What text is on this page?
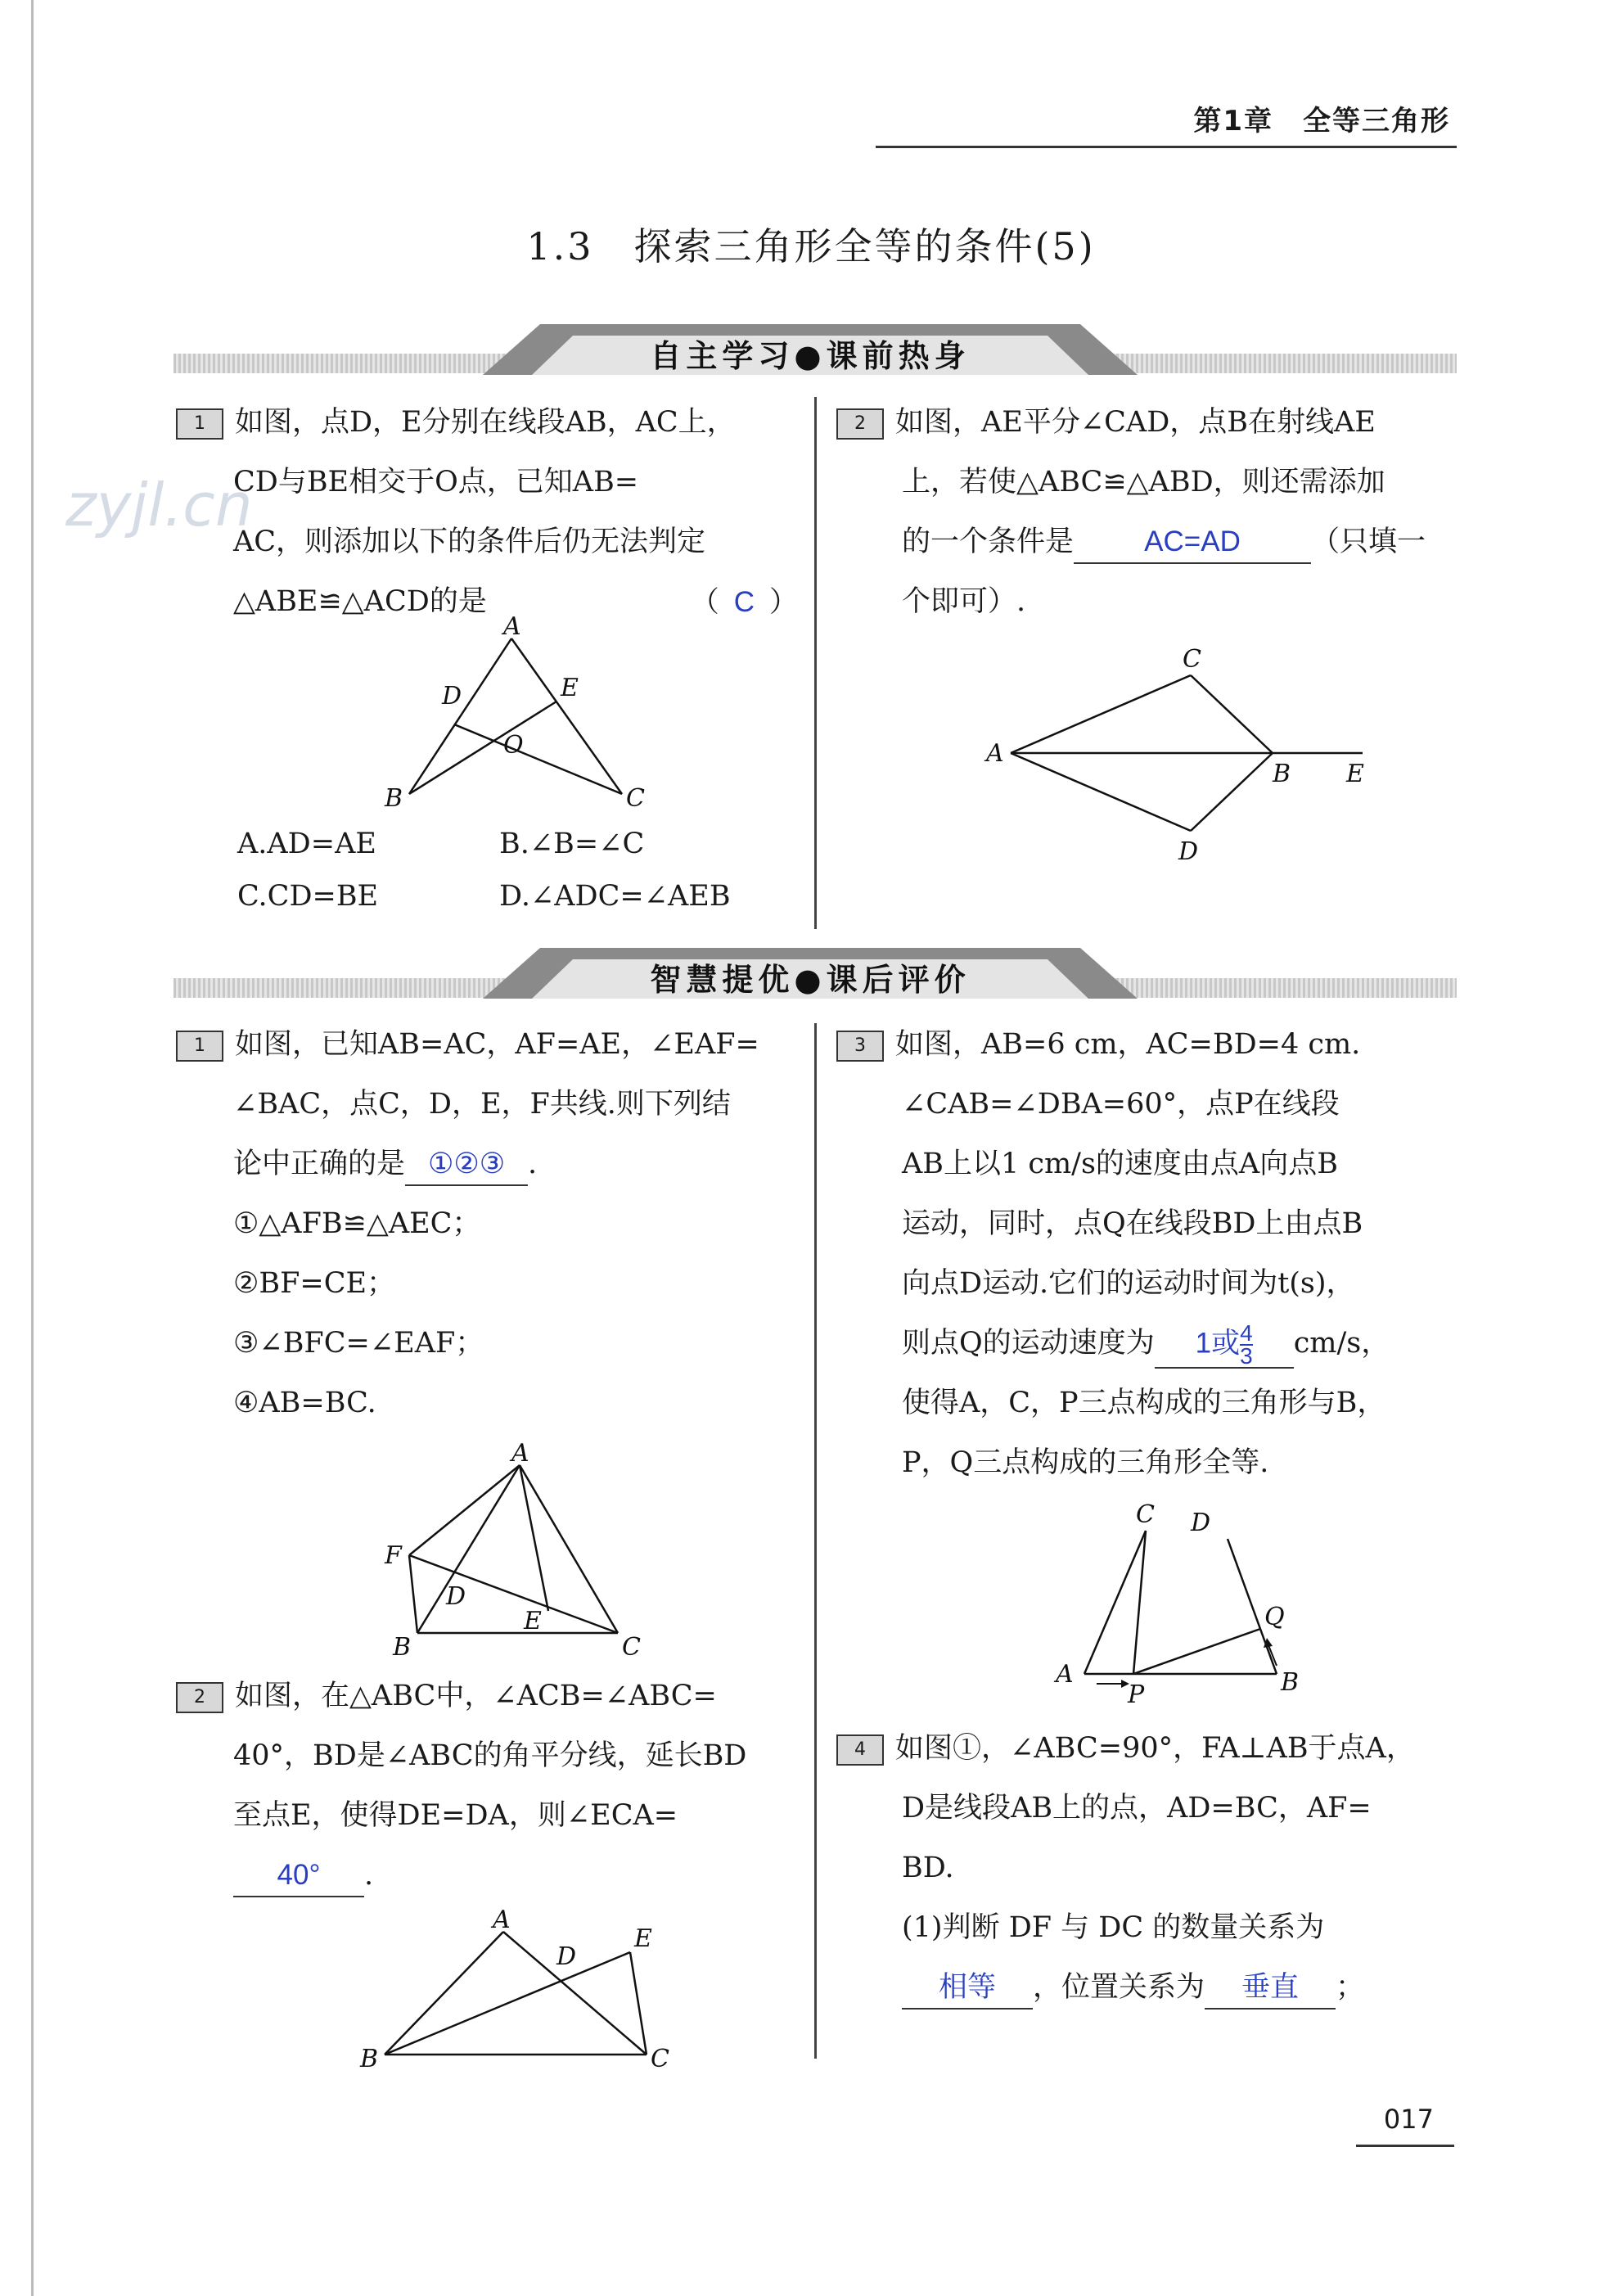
zyjl.cn
第1章　全等三角形
1.3　探索三角形全等的条件(5)
自主学习●课前热身
1 如图，点D，E分别在线段AB，AC上，
CD与BE相交于O点，已知AB=
AC，则添加以下的条件后仍无法判定
△ABE≌△ACD的是	（ C ）
A
D	E
O
B	C
A.AD=AE	B.∠B=∠C
C.CD=BE	D.∠ADC=∠AEB
2 如图，AE平分∠CAD，点B在射线AE
上，若使△ABC≌△ABD，则还需添加
的一个条件是 AC=AD （只填一
个即可）.
C
A
B E
D
智慧提优●课后评价
1 如图，已知AB=AC，AF=AE，∠EAF=
∠BAC，点C，D，E，F共线.则下列结
论中正确的是 ①②③ .
①△AFB≌△AEC；
②BF=CE；
③∠BFC=∠EAF；
④AB=BC.
A
F
D
E
B	C
2 如图，在△ABC中，∠ACB=∠ABC=
40°，BD是∠ABC的角平分线，延长BD
至点E，使得DE=DA，则∠ECA=
40° .
A
D
E
B	C
3 如图，AB=6 cm，AC=BD=4 cm.
∠CAB=∠DBA=60°，点P在线段
AB上以1 cm/s的速度由点A向点B
运动，同时，点Q在线段BD上由点B
向点D运动.它们的运动时间为t(s)，
则点Q的运动速度为 1或 $\frac{4}{3} cm/s$，
使得A，C，P三点构成的三角形与B，
P，Q三点构成的三角形全等.
C D
Q
A
P	B
4 如图①，∠ABC=90°，FA⊥AB于点A，
D是线段AB上的点，AD=BC，AF=
BD.
(1)判断 DF 与 DC 的数量关系为
相等 ，位置关系为 垂直 ；
017
